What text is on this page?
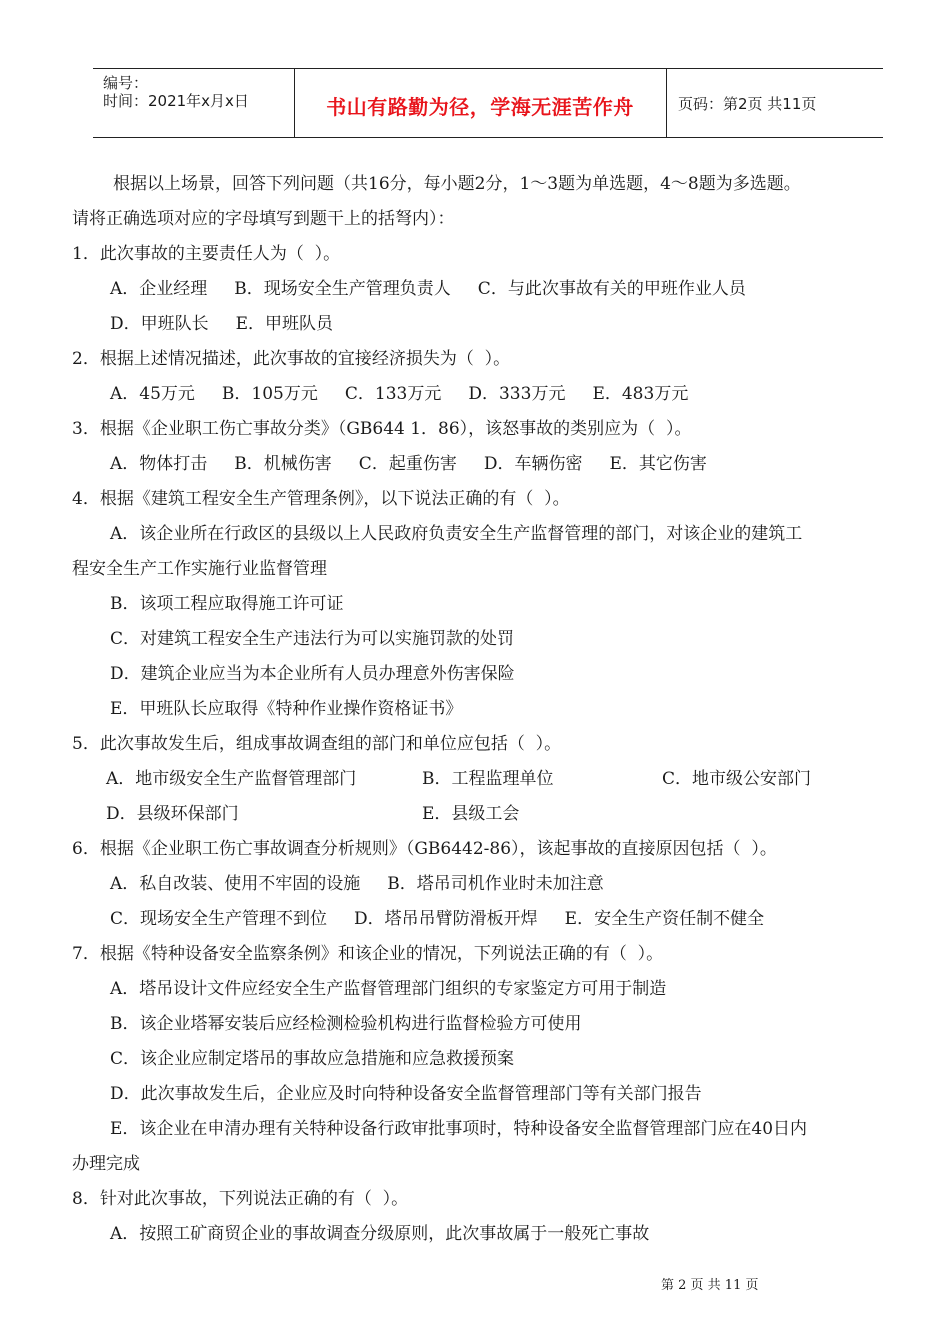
编号：
时间：2021年x月x日	书山有路勤为径，学海无涯苦作舟	页码：第2页 共11页
根据以上场景，回答下列问题（共16分，每小题2分，1～3题为单选题，4～8题为多选题。
请将正确选项对应的字母填写到题干上的括弩内）：
1．此次事故的主要责任人为（  ）。
A．企业经理     B．现场安全生产管理负责人     C．与此次事故有关的甲班作业人员
D．甲班队长     E．甲班队员
2．根据上述情况描述，此次事故的宜接经济损失为（  ）。
A．45万元     B．105万元     C．133万元     D．333万元     E．483万元
3．根据《企业职工伤亡事故分类》（GB644 1．86），该怒事故的类别应为（  ）。
A．物体打击     B．机械伤害     C．起重伤害     D．车辆伤密     E．其它伤害
4．根据《建筑工程安全生产管理条例》，以下说法正确的有（  ）。
A．该企业所在行政区的县级以上人民政府负责安全生产监督管理的部门，对该企业的建筑工
程安全生产工作实施行业监督管理
B．该项工程应取得施工许可证
C．对建筑工程安全生产违法行为可以实施罚款的处罚
D．建筑企业应当为本企业所有人员办理意外伤害保险
E．甲班队长应取得《特种作业操作资格证书》
5．此次事故发生后，组成事故调查组的部门和单位应包括（  ）。
A．地市级安全生产监督管理部门	B．工程监理单位	C．地市级公安部门
D．县级环保部门	E．县级工会
6．根据《企业职工伤亡事故调查分析规则》（GB6442-86），该起事故的直接原因包括（  ）。
A．私自改装、使用不牢固的设施     B．塔吊司机作业时未加注意
C．现场安全生产管理不到位     D．塔吊吊臂防滑板开焊     E．安全生产资任制不健全
7．根据《特种设备安全监察条例》和该企业的情况，下列说法正确的有（  ）。
A．塔吊设计文件应经安全生产监督管理部门组织的专家鉴定方可用于制造
B．该企业塔幂安装后应经检测检验机构进行监督检验方可使用
C．该企业应制定塔吊的事故应急措施和应急救援预案
D．此次事故发生后，企业应及时向特种设备安全监督管理部门等有关部门报告
E．该企业在申清办理有关特种设备行政审批事项时，特种设备安全监督管理部门应在40日内
办理完成
8．针对此次事故，下列说法正确的有（  ）。
A．按照工矿商贸企业的事故调查分级原则，此次事故属于一般死亡事故
第 2 页 共 11 页
